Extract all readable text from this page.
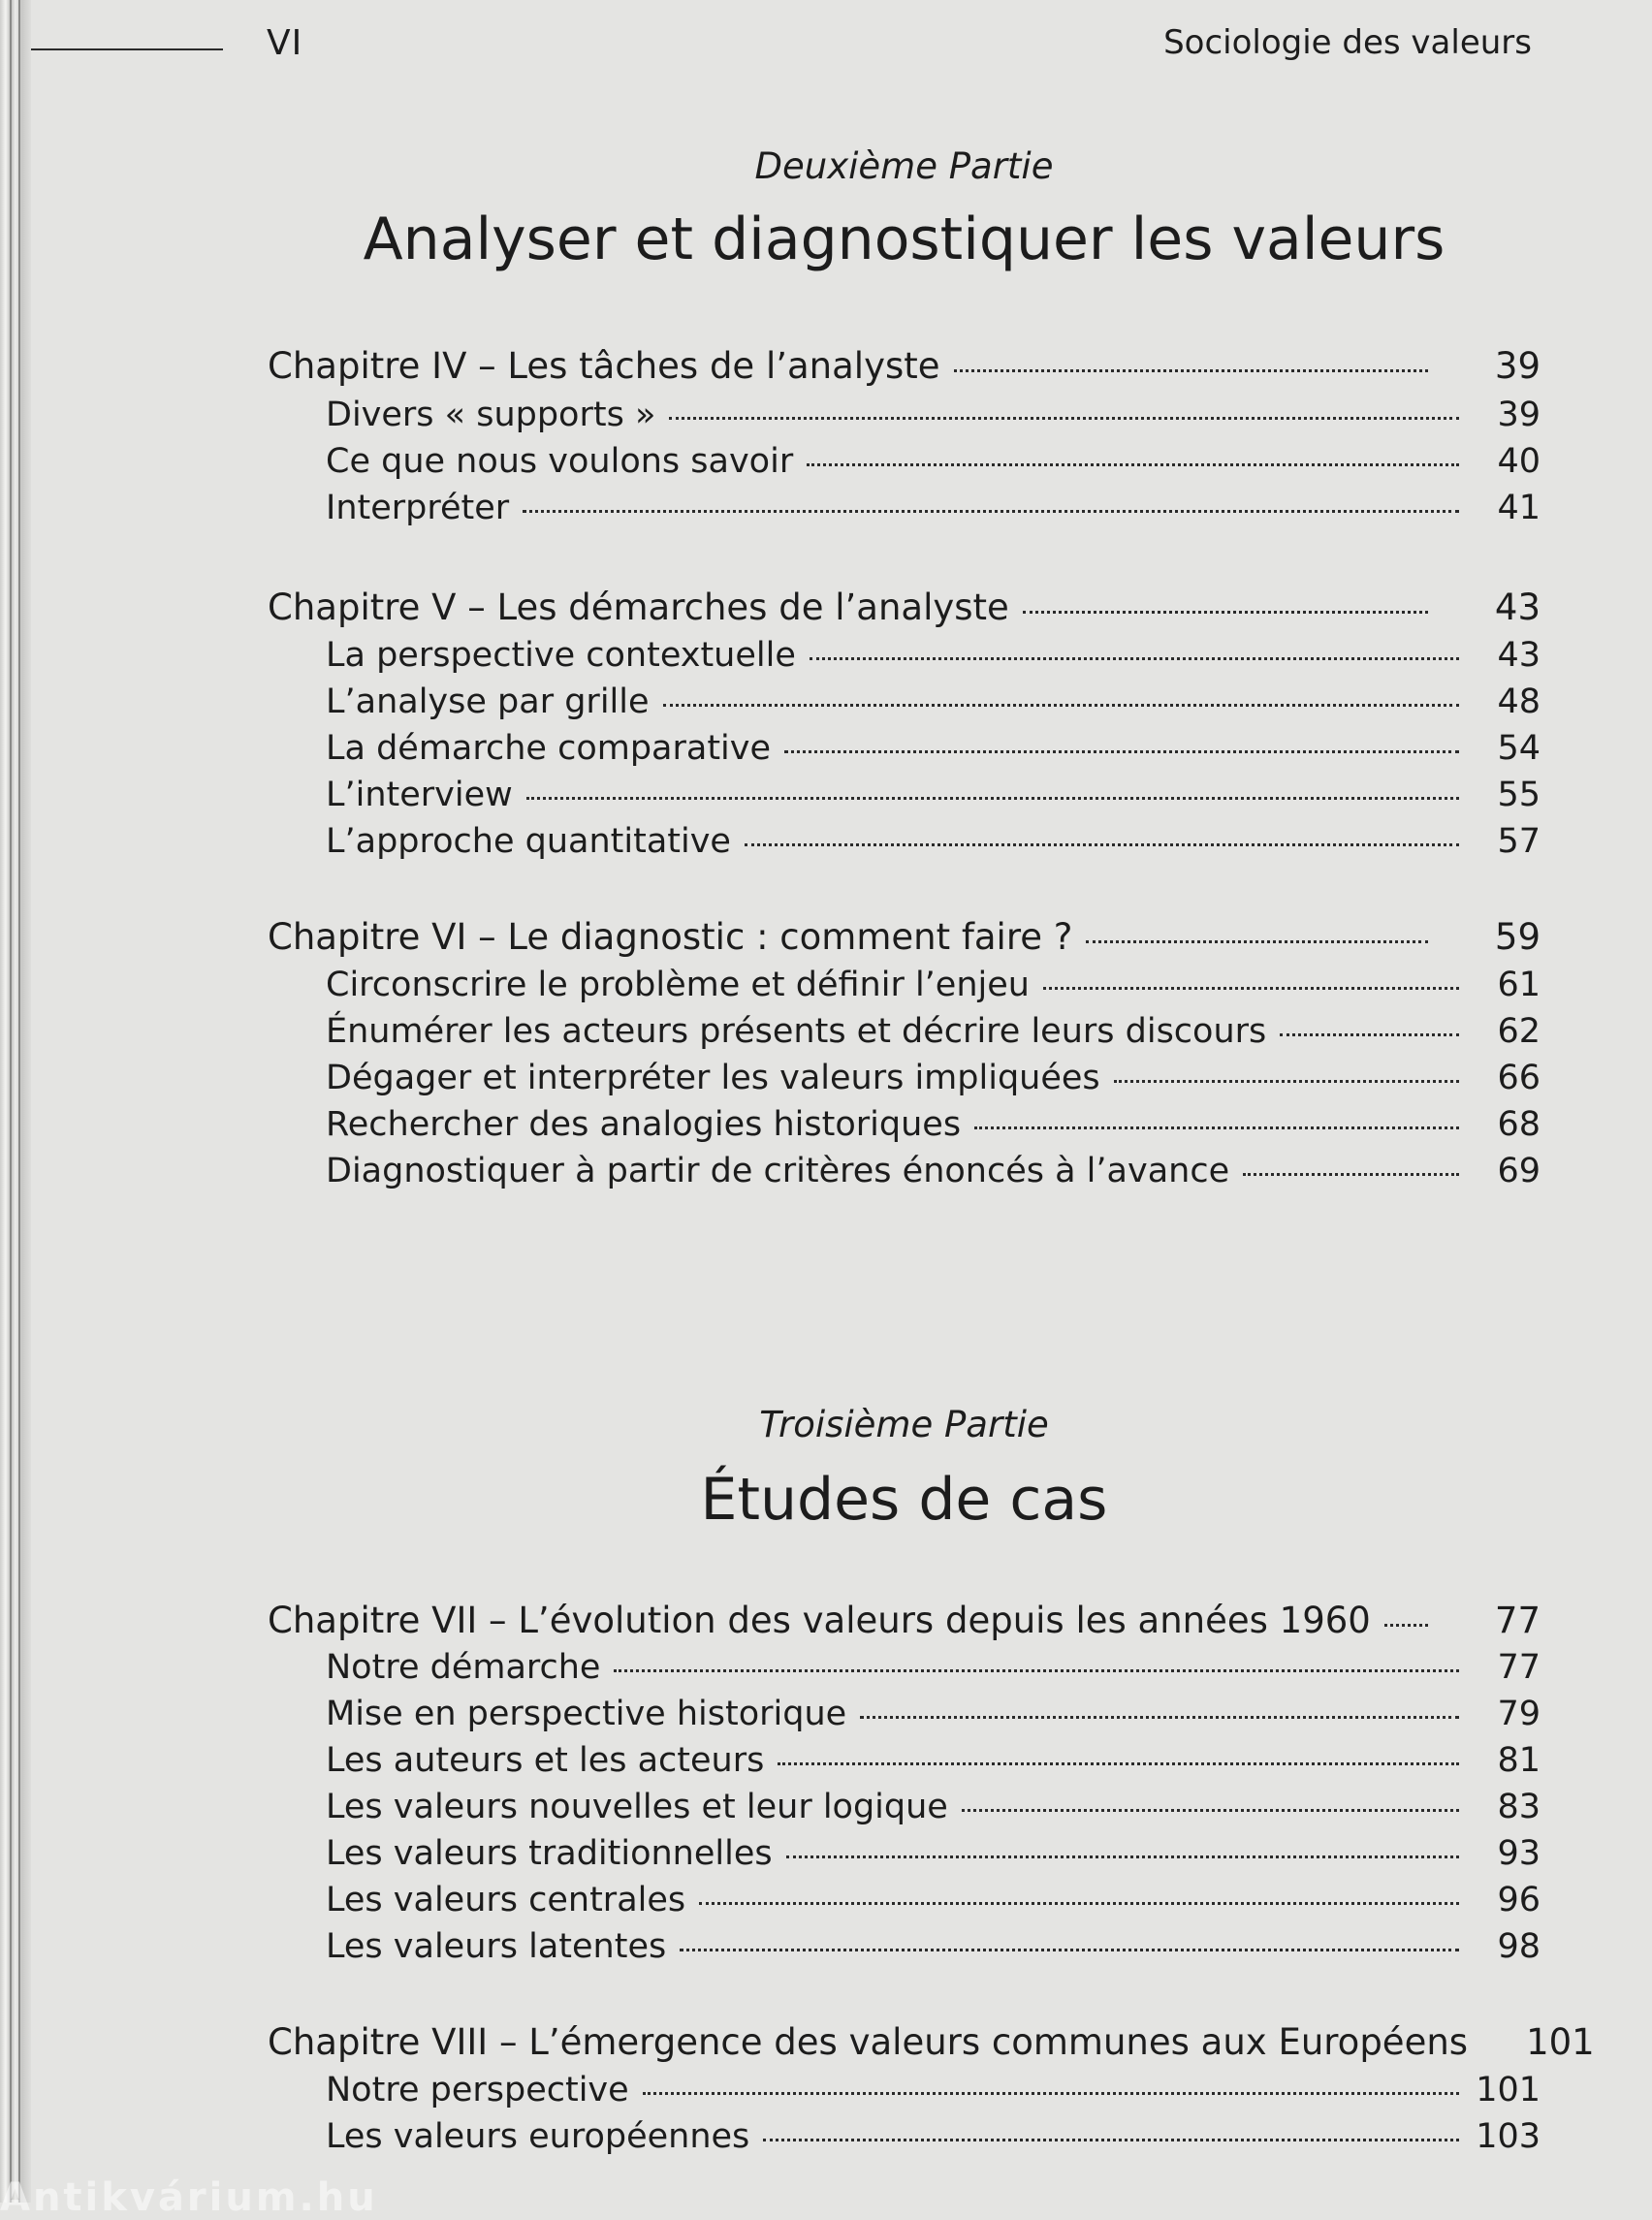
VI	Sociologie des valeurs
Deuxième Partie
Analyser et diagnostiquer les valeurs
Troisième Partie
Études de cas
Chapitre IV – Les tâches de l’analyste	39
Divers « supports »	39
Ce que nous voulons savoir	40
Interpréter	41
Chapitre V – Les démarches de l’analyste	43
La perspective contextuelle	43
L’analyse par grille	48
La démarche comparative	54
L’interview	55
L’approche quantitative	57
Chapitre VI – Le diagnostic : comment faire ?	59
Circonscrire le problème et définir l’enjeu	61
Énumérer les acteurs présents et décrire leurs discours	62
Dégager et interpréter les valeurs impliquées	66
Rechercher des analogies historiques	68
Diagnostiquer à partir de critères énoncés à l’avance	69
Chapitre VII – L’évolution des valeurs depuis les années 1960	77
Notre démarche	77
Mise en perspective historique	79
Les auteurs et les acteurs	81
Les valeurs nouvelles et leur logique	83
Les valeurs traditionnelles	93
Les valeurs centrales	96
Les valeurs latentes	98
Chapitre VIII – L’émergence des valeurs communes aux Européens 101
Notre perspective	101
Les valeurs européennes	103
Antikvárium.hu
